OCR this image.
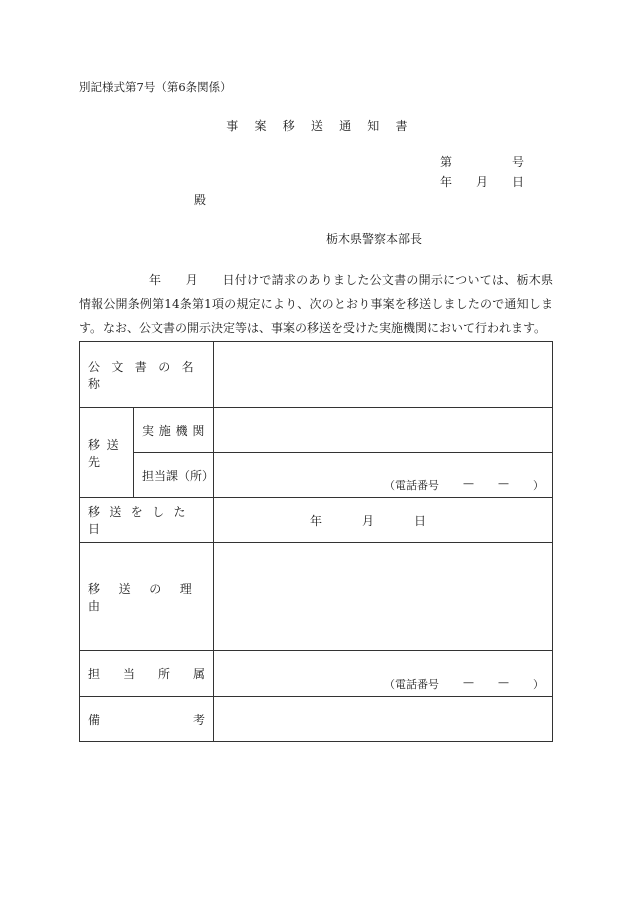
別記様式第7号（第6条関係）
事案移送通知書
第	号
年 月 日
殿
栃木県警察本部長
年　　月　　日付けで請求のありました公文書の開示については、栃木県情報公開条例第14条第1項の規定により、次のとおり事案を移送しましたので通知します。 なお、公文書の開示決定等は、事案の移送を受けた実施機関において行われます。
公文書の名称		
移送先	実施機関	
	担当課（所）	（電話番号 — — ）

移送をした日		年 月 日

移送の理由		

担 当 所 属		（電話番号 — — ）

備 考		
